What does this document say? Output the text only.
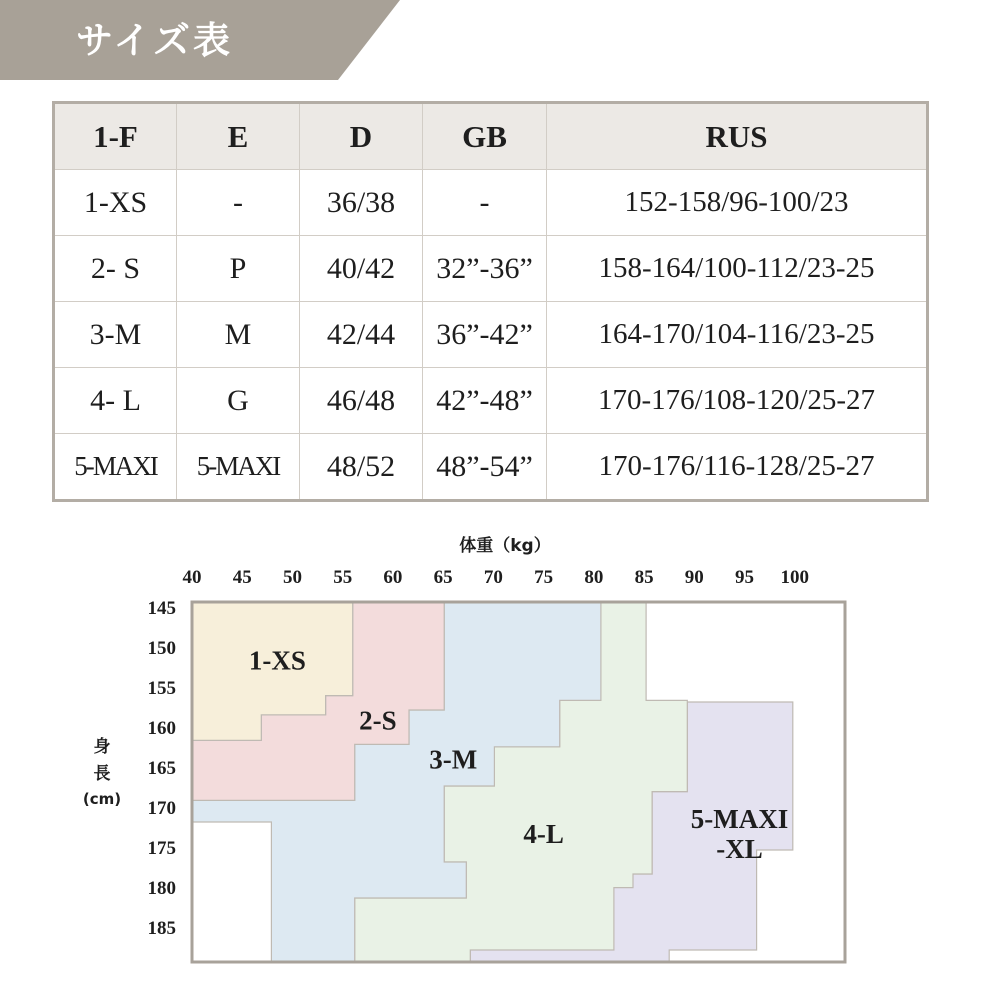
サイズ表
1-F	E	D	GB	RUS
1-XS	-	36/38	-	152-158/96-100/23
2- S	P	40/42	32”-36”	158-164/100-112/23-25
3-M	M	42/44	36”-42”	164-170/104-116/23-25
4- L	G	46/48	42”-48”	170-176/108-120/25-27
5-MAXI	5-MAXI	48/52	48”-54”	170-176/116-128/25-27
5-MAXI
-XL
4-L
3-M
2-S
1-XS
40 45 50 55 60 65 70 75 80 85 90 95 100
145
150
155
160
165
170
175
180
185
体重（kg）
身
長
(cm)
